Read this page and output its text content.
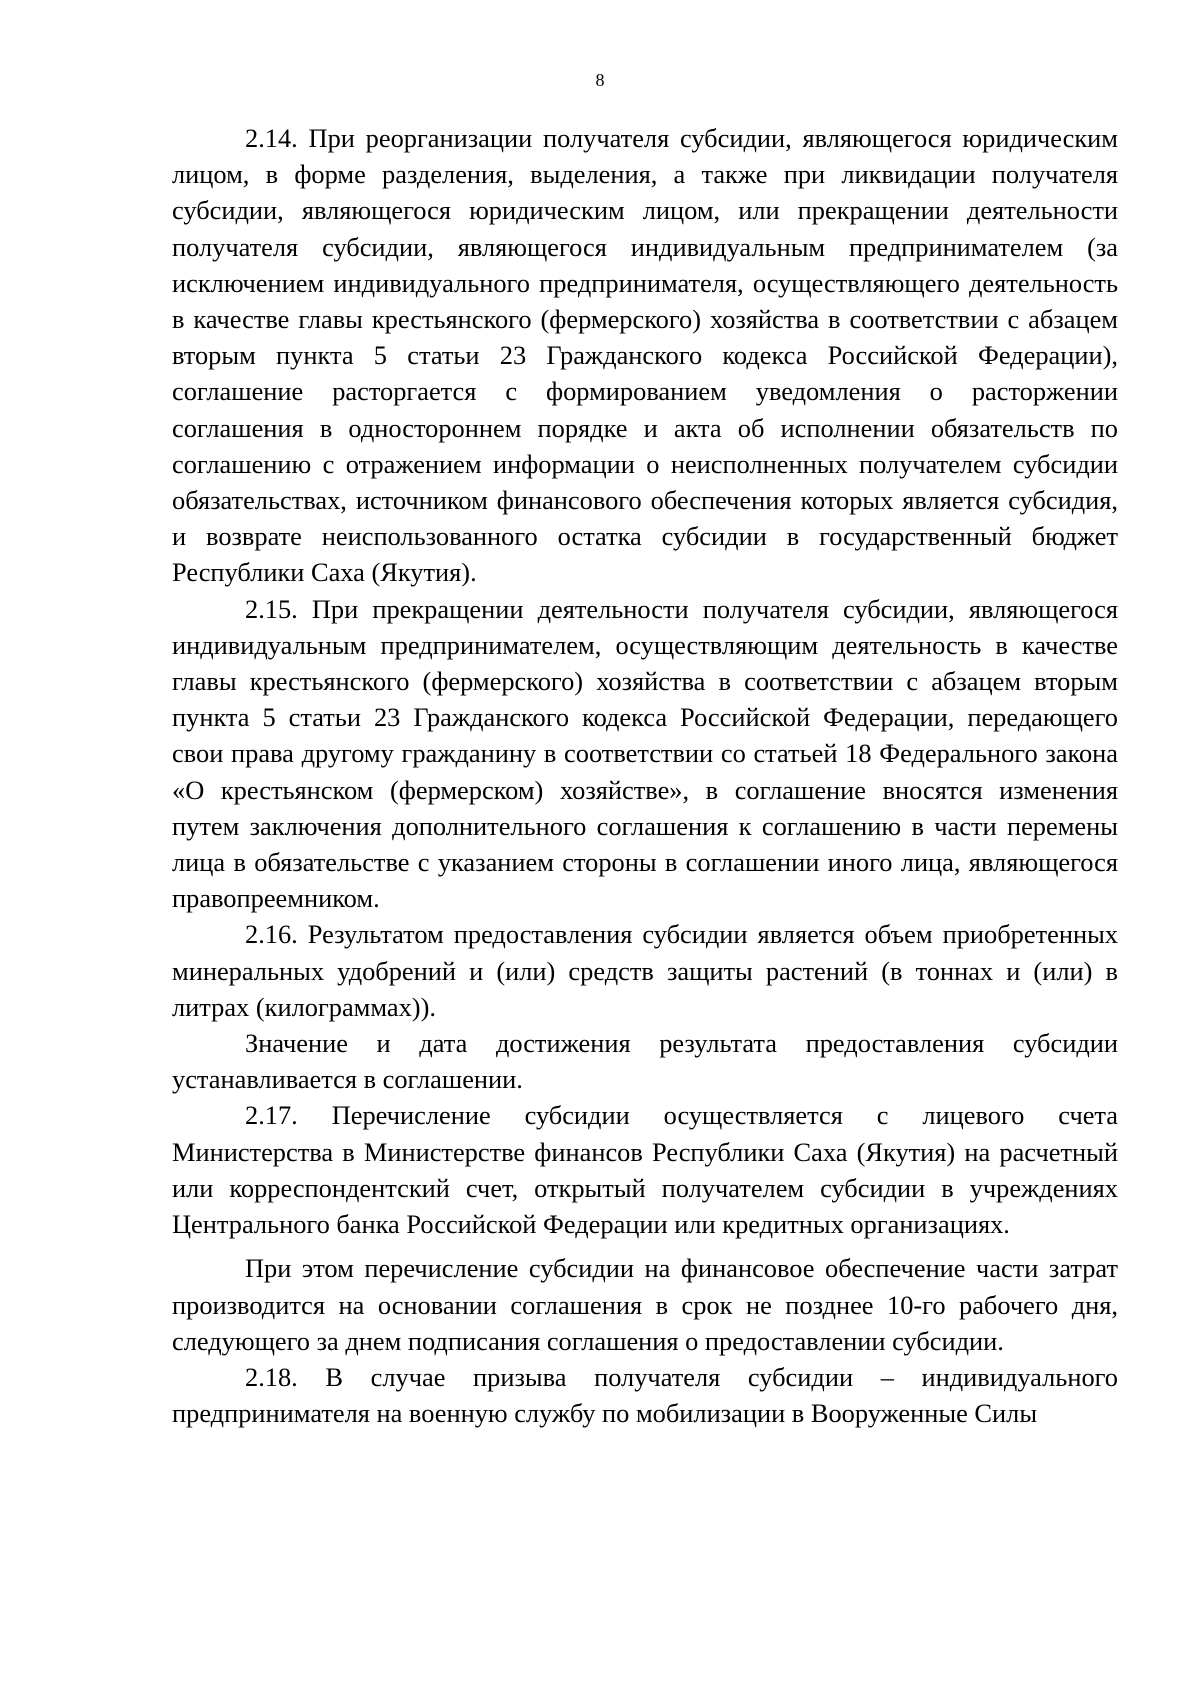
8

2.14. При реорганизации получателя субсидии, являющегося юридическим лицом, в форме разделения, выделения, а также при ликвидации получателя субсидии, являющегося юридическим лицом, или прекращении деятельности получателя субсидии, являющегося индивидуальным предпринимателем (за исключением индивидуального предпринимателя, осуществляющего деятельность в качестве главы крестьянского (фермерского) хозяйства в соответствии с абзацем вторым пункта 5 статьи 23 Гражданского кодекса Российской Федерации), соглашение расторгается с формированием уведомления о расторжении соглашения в одностороннем порядке и акта об исполнении обязательств по соглашению с отражением информации о неисполненных получателем субсидии обязательствах, источником финансового обеспечения которых является субсидия, и возврате неиспользованного остатка субсидии в государственный бюджет Республики Саха (Якутия).

2.15. При прекращении деятельности получателя субсидии, являющегося индивидуальным предпринимателем, осуществляющим деятельность в качестве главы крестьянского (фермерского) хозяйства в соответствии с абзацем вторым пункта 5 статьи 23 Гражданского кодекса Российской Федерации, передающего свои права другому гражданину в соответствии со статьей 18 Федерального закона «О крестьянском (фермерском) хозяйстве», в соглашение вносятся изменения путем заключения дополнительного соглашения к соглашению в части перемены лица в обязательстве с указанием стороны в соглашении иного лица, являющегося правопреемником.

2.16. Результатом предоставления субсидии является объем приобретенных минеральных удобрений и (или) средств защиты растений (в тоннах и (или) в литрах (килограммах)).

Значение и дата достижения результата предоставления субсидии устанавливается в соглашении.

2.17. Перечисление субсидии осуществляется с лицевого счета Министерства в Министерстве финансов Республики Саха (Якутия) на расчетный или корреспондентский счет, открытый получателем субсидии в учреждениях Центрального банка Российской Федерации или кредитных организациях.

При этом перечисление субсидии на финансовое обеспечение части затрат производится на основании соглашения в срок не позднее 10-го рабочего дня, следующего за днем подписания соглашения о предоставлении субсидии.

2.18. В случае призыва получателя субсидии – индивидуального предпринимателя на военную службу по мобилизации в Вооруженные Силы
